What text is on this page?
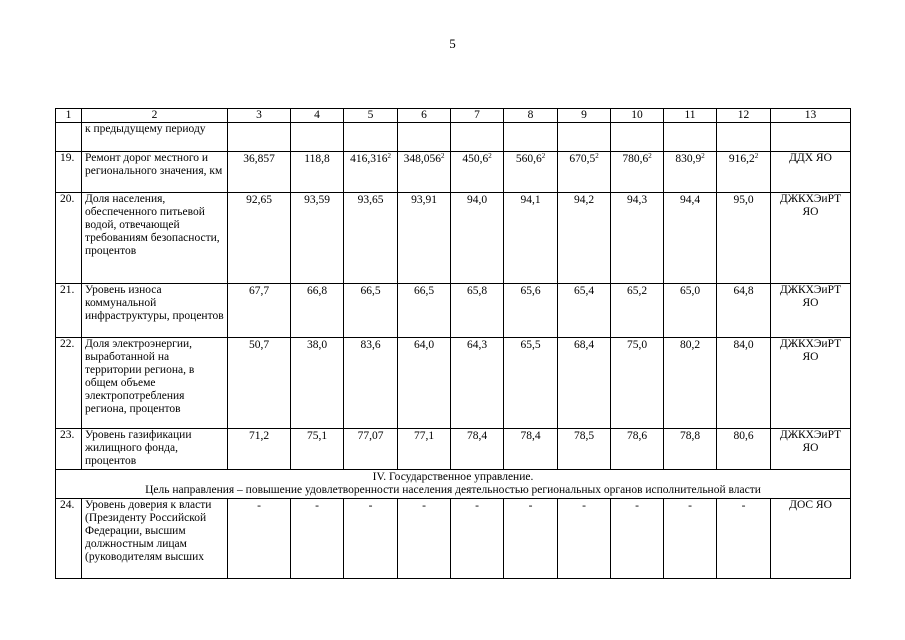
5
1	2	3	4	5	6	7	8	9	10	11	12	13
	к предыдущему периоду											
19.	Ремонт дорог местного и регионального значения, км	36,857	118,8	416,316$^2$	348,056$^2$	450,6$^2$	560,6$^2$	670,5$^2$	780,6$^2$	830,9$^2$	916,2$^2$	ДДХ ЯО
20.	Доля населения, обеспеченного питьевой водой, отвечающей требованиям безопасности, процентов	92,65	93,59	93,65	93,91	94,0	94,1	94,2	94,3	94,4	95,0	ДЖКХЭиРТ ЯО
21.	Уровень износа коммунальной инфраструктуры, процентов	67,7	66,8	66,5	66,5	65,8	65,6	65,4	65,2	65,0	64,8	ДЖКХЭиРТ ЯО
22.	Доля электроэнергии, выработанной на территории региона, в общем объеме электропотребления региона, процентов	50,7	38,0	83,6	64,0	64,3	65,5	68,4	75,0	80,2	84,0	ДЖКХЭиРТ ЯО
23.	Уровень газификации жилищного фонда, процентов	71,2	75,1	77,07	77,1	78,4	78,4	78,5	78,6	78,8	80,6	ДЖКХЭиРТ ЯО

IV. Государственное управление.
Цель направления – повышение удовлетворенности населения деятельностью региональных органов исполнительной власти												

24.	Уровень доверия к власти (Президенту Российской Федерации, высшим должностным лицам (руководителям высших	-	-	-	-	-	-	-	-	-	-	ДОС ЯО
